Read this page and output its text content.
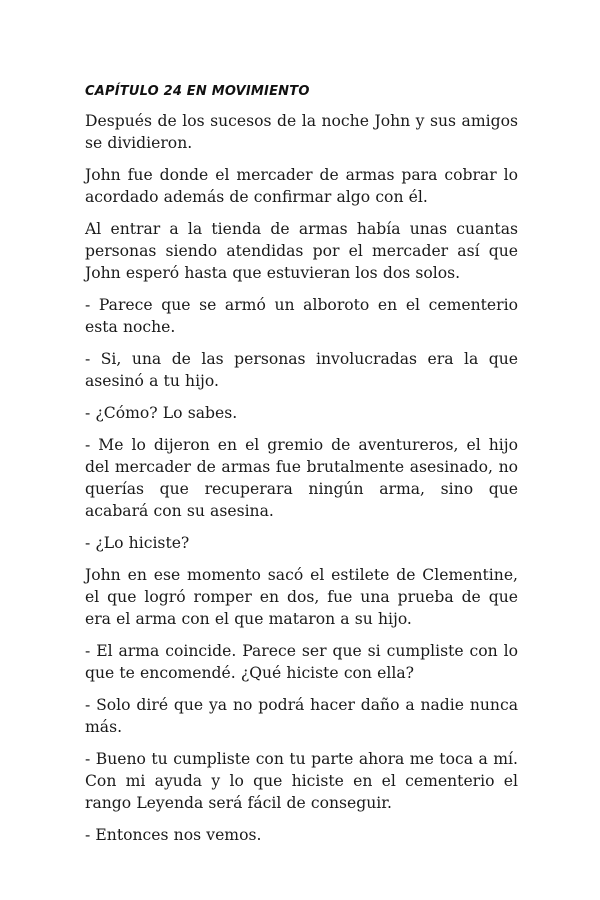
CAPÍTULO 24 EN MOVIMIENTO

Después de los sucesos de la noche John y sus amigos se dividieron.

John fue donde el mercader de armas para cobrar lo acordado además de confirmar algo con él.

Al entrar a la tienda de armas había unas cuantas personas siendo atendidas por el mercader así que John esperó hasta que estuvieran los dos solos.

- Parece que se armó un alboroto en el cementerio esta noche.

- Si, una de las personas involucradas era la que asesinó a tu hijo.

- ¿Cómo? Lo sabes.

- Me lo dijeron en el gremio de aventureros, el hijo del mercader de armas fue brutalmente asesinado, no querías que recuperara ningún arma, sino que acabará con su asesina.

- ¿Lo hiciste?

John en ese momento sacó el estilete de Clementine, el que logró romper en dos, fue una prueba de que era el arma con el que mataron a su hijo.

- El arma coincide. Parece ser que si cumpliste con lo que te encomendé. ¿Qué hiciste con ella?

- Solo diré que ya no podrá hacer daño a nadie nunca más.

- Bueno tu cumpliste con tu parte ahora me toca a mí. Con mi ayuda y lo que hiciste en el cementerio el rango Leyenda será fácil de conseguir.

- Entonces nos vemos.
